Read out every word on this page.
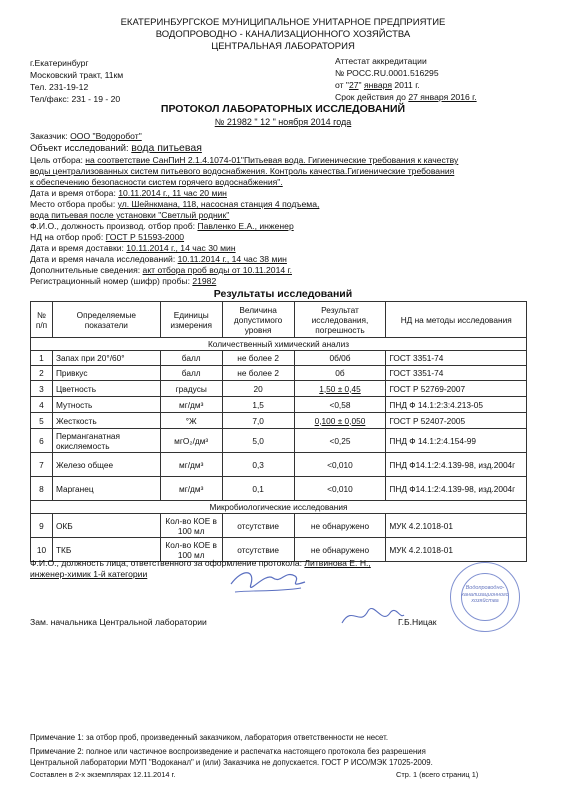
ЕКАТЕРИНБУРГСКОЕ МУНИЦИПАЛЬНОЕ УНИТАРНОЕ ПРЕДПРИЯТИЕ
ВОДОПРОВОДНО - КАНАЛИЗАЦИОННОГО ХОЗЯЙСТВА
ЦЕНТРАЛЬНАЯ ЛАБОРАТОРИЯ
г.Екатеринбург
Московский тракт, 11км
Тел. 231-19-12
Тел/факс: 231 - 19 - 20
Аттестат аккредитации
№ РОСС.RU.0001.516295
от "27" января 2011 г.
Срок действия до 27 января 2016 г.
ПРОТОКОЛ ЛАБОРАТОРНЫХ ИССЛЕДОВАНИЙ
№ 21982 " 12 " ноября 2014 года
Заказчик: ООО "Водоробот"
Объект исследований: вода питьевая
Цель отбора: на соответствие СанПиН 2.1.4.1074-01"Питьевая вода. Гигиенические требования к качеству
воды централизованных систем питьевого водоснабжения. Контроль качества.Гигиенические требования
к обеспечению безопасности систем горячего водоснабжения".
Дата и время отбора: 10.11.2014 г., 11 час 20 мин
Место отбора пробы: ул. Шейнкмана, 118, насосная станция 4 подъема,
вода питьевая после установки "Светлый родник"
Ф.И.О., должность производ. отбор проб: Павленко Е.А., инженер
НД на отбор проб: ГОСТ Р 51593-2000
Дата и время доставки: 10.11.2014 г., 14 час 30 мин
Дата и время начала исследований: 10.11.2014 г., 14 час 38 мин
Дополнительные сведения: акт отбора проб воды от 10.11.2014 г.
Регистрационный номер (шифр) пробы: 21982
Результаты исследований
№ п/п	Определяемые показатели	Единицы измерения	Величина допустимого уровня	Результат исследования, погрешность	НД на методы исследования
Количественный химический анализ					
1	Запах при 20°/60°	балл	не более 2	0б/0б	ГОСТ 3351-74
2	Привкус	балл	не более 2	0б	ГОСТ 3351-74
3	Цветность	градусы	20	1,50 ± 0,45	ГОСТ Р 52769-2007
4	Мутность	мг/дм³	1,5	<0,58	ПНД Ф 14.1:2:3:4.213-05
5	Жесткость	°Ж	7,0	0,100 ± 0,050	ГОСТ Р 52407-2005
6	Перманганатная окисляемость	мгО₂/дм³	5,0	<0,25	ПНД Ф 14.1:2:4.154-99
7	Железо общее	мг/дм³	0,3	<0,010	ПНД Ф14.1:2:4.139-98, изд.2004г
8	Марганец	мг/дм³	0,1	<0,010	ПНД Ф14.1:2:4.139-98, изд.2004г
Микробиологические исследования					
9	ОКБ	Кол-во КОЕ в 100 мл	отсутствие	не обнаружено	МУК 4.2.1018-01
10	ТКБ	Кол-во КОЕ в 100 мл	отсутствие	не обнаружено	МУК 4.2.1018-01
Ф.И.О., должность лица, ответственного за оформление протокола: Литвинова Е. Н.,
инженер-химик 1-й категории
Зам. начальника Центральной лаборатории	Г.Б.Ницак
Водопроводно-канализационного хозяйства
Примечание 1: за отбор проб, произведенный заказчиком, лаборатория ответственности не несет.
Примечание 2: полное или частичное воспроизведение и распечатка настоящего протокола без разрешения
Центральной лаборатории МУП "Водоканал" и (или) Заказчика не допускается. ГОСТ Р ИСО/МЭК 17025-2009.
Составлен в 2-х экземплярах 12.11.2014 г.	Стр. 1 (всего страниц 1)
